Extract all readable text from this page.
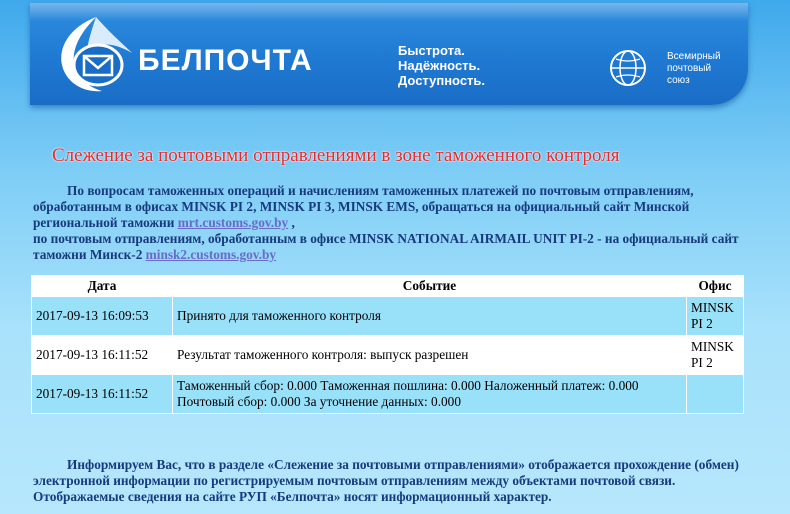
БЕЛПОЧТА	Быстрота.
Надёжность.
Доступность.
Всемирный
почтовый
союз
Слежение за почтовыми отправлениями в зоне таможенного контроля
По вопросам таможенных операций и начислениям таможенных платежей по почтовым отправлениям, обработанным в офисах MINSK PI 2, MINSK PI 3, MINSK EMS, обращаться на официальный сайт Минской региональной таможни mrt.customs.gov.by ,
по почтовым отправлениям, обработанным в офисе MINSK NATIONAL AIRMAIL UNIT PI-2 - на официальный сайт таможни Минск-2 minsk2.customs.gov.by
Дата	Событие	Офис
2017-09-13 16:09:53	Принято для таможенного контроля	MINSK PI 2
2017-09-13 16:11:52	Результат таможенного контроля: выпуск разрешен	MINSK PI 2
2017-09-13 16:11:52	Таможенный сбор: 0.000 Таможенная пошлина: 0.000 Наложенный платеж: 0.000 Почтовый сбор: 0.000 За уточнение данных: 0.000	
Информируем Вас, что в разделе «Слежение за почтовыми отправлениями» отображается прохождение (обмен) электронной информации по регистрируемым почтовым отправлениям между объектами почтовой связи. Отображаемые сведения на сайте РУП «Белпочта» носят информационный характер.
